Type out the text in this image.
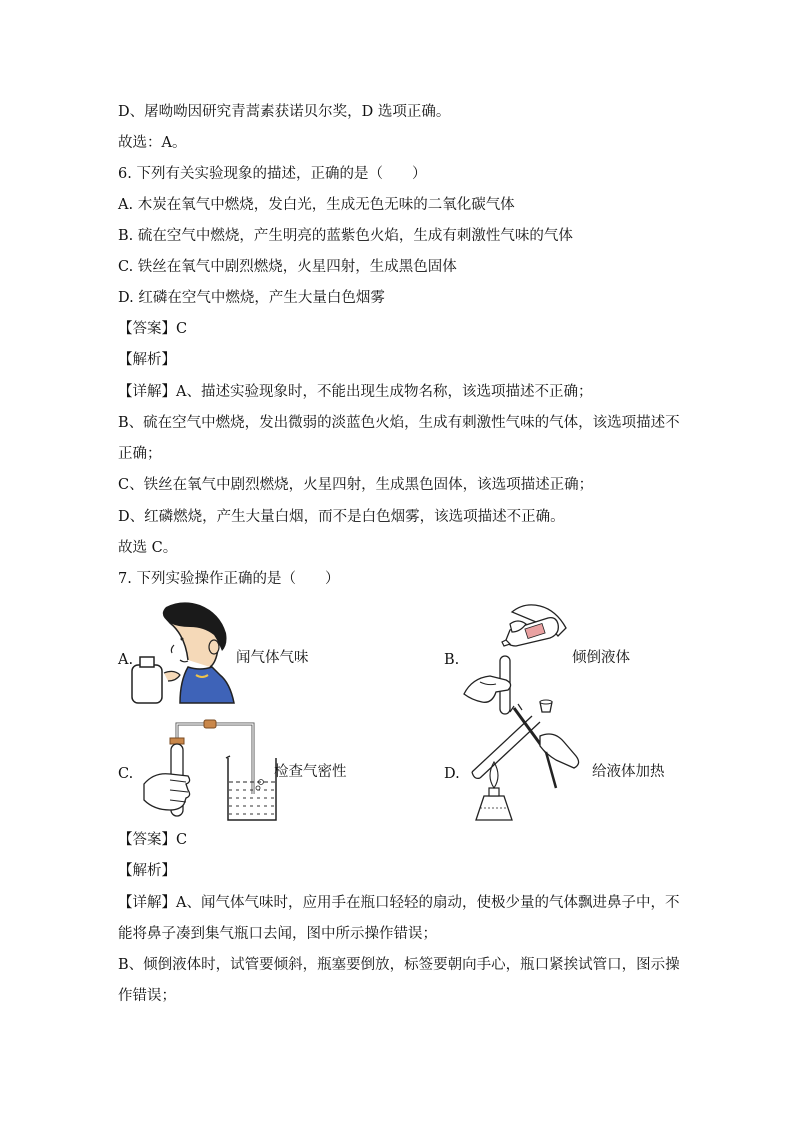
D、屠呦呦因研究青蒿素获诺贝尔奖，D 选项正确。
故选：A。
6. 下列有关实验现象的描述，正确的是（　　）
A. 木炭在氧气中燃烧，发白光，生成无色无味的二氧化碳气体
B. 硫在空气中燃烧，产生明亮的蓝紫色火焰，生成有刺激性气味的气体
C. 铁丝在氧气中剧烈燃烧，火星四射，生成黑色固体
D. 红磷在空气中燃烧，产生大量白色烟雾
【答案】C
【解析】
【详解】A、描述实验现象时，不能出现生成物名称，该选项描述不正确；
B、硫在空气中燃烧，发出微弱的淡蓝色火焰，生成有刺激性气味的气体，该选项描述不
正确；
C、铁丝在氧气中剧烈燃烧，火星四射，生成黑色固体，该选项描述正确；
D、红磷燃烧，产生大量白烟，而不是白色烟雾，该选项描述不正确。
故选 C。
7. 下列实验操作正确的是（　　）
A.	闻气体气味	B.	倾倒液体
C.	检查气密性	D.	给液体加热
【答案】C
【解析】
【详解】A、闻气体气味时，应用手在瓶口轻轻的扇动，使极少量的气体飘进鼻子中，不
能将鼻子凑到集气瓶口去闻，图中所示操作错误；
B、倾倒液体时，试管要倾斜，瓶塞要倒放，标签要朝向手心，瓶口紧挨试管口，图示操
作错误；
